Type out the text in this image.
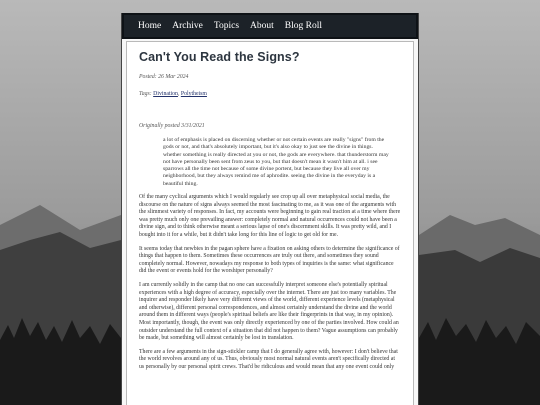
Home Archive Topics About Blog Roll
Can't You Read the Signs?
Posted: 26 Mar 2024
Tags: Divination, Polytheism
Originally posted 3/31/2021
a lot of emphasis is placed on discerning whether or not certain events are really "signs" from the gods or not, and that's absolutely important, but it's also okay to just see the divine in things. whether something is really directed at you or not, the gods are everywhere. that thunderstorm may not have personally been sent from zeus to you, but that doesn't mean it wasn't him at all. i see sparrows all the time not because of some divine portent, but because they live all over my neighborhood, but they always remind me of aphrodite. seeing the divine in the everyday is a beautiful thing.

Of the many cyclical arguments which I would regularly see crop up all over metaphysical social media, the discourse on the nature of signs always seemed the most fascinating to me, as it was one of the arguments with the slimmest variety of responses. In fact, my accounts were beginning to gain real traction at a time where there was pretty much only one prevailing answer: completely normal and natural occurrences could not have been a divine sign, and to think otherwise meant a serious lapse of one's discernment skills. It was pretty wild, and I bought into it for a while, but it didn't take long for this line of logic to get old for me.

It seems today that newbies in the pagan sphere have a fixation on asking others to determine the significance of things that happen to them. Sometimes these occurrences are truly out there, and sometimes they sound completely normal. However, nowadays my response to both types of inquiries is the same: what significance did the event or events hold for the worshiper personally?

I am currently solidly in the camp that no one can successfully interpret someone else's potentially spiritual experiences with a high degree of accuracy, especially over the internet. There are just too many variables. The inquirer and responder likely have very different views of the world, different experience levels (metaphysical and otherwise), different personal correspondences, and almost certainly understand the divine and the world around them in different ways (people's spiritual beliefs are like their fingerprints in that way, in my opinion). Most importantly, though, the event was only directly experienced by one of the parties involved. How could an outsider understand the full context of a situation that did not happen to them? Vague assumptions can probably be made, but something will almost certainly be lost in translation.

There are a few arguments in the sign-stickler camp that I do generally agree with, however: I don't believe that the world revolves around any of us. Thus, obviously most normal natural events aren't specifically directed at us personally by our personal spirit crews. That'd be ridiculous and would mean that any one event could only
